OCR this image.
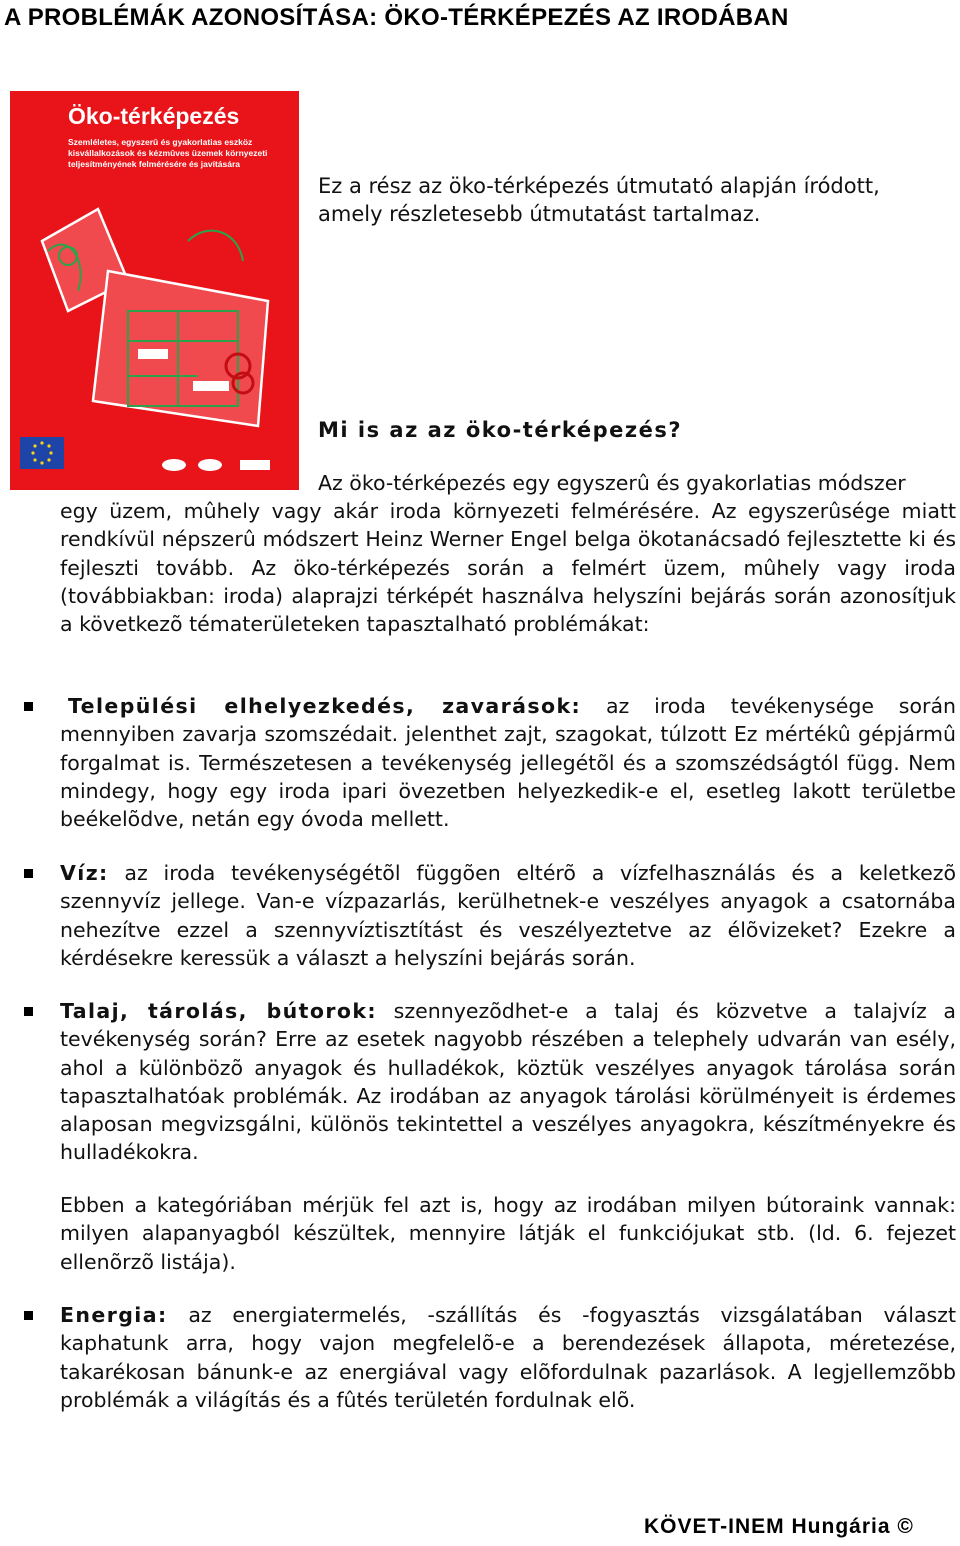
A PROBLÉMÁK AZONOSÍTÁSA: ÖKO-TÉRKÉPEZÉS AZ IRODÁBAN
Öko-térképezés
Szemléletes, egyszerû és gyakorlatias eszköz kisvállalkozások és kézmûves üzemek környezeti teljesítményének felmérésére és javítására
Ez a rész az öko-térképezés útmutató alapján íródott, amely részletesebb útmutatást tartalmaz.
Mi is az az öko-térképezés?
Az öko-térképezés egy egyszerû és gyakorlatias módszer
egy üzem, mûhely vagy akár iroda környezeti felmérésére. Az egyszerûsége miatt rendkívül népszerû módszert Heinz Werner Engel belga ökotanácsadó fejlesztette ki és fejleszti tovább. Az öko-térképezés során a felmért üzem, mûhely vagy iroda (továbbiakban: iroda) alaprajzi térképét használva helyszíni bejárás során azonosítjuk a következõ tématerületeken tapasztalható problémákat:
Települési elhelyezkedés, zavarások: az iroda tevékenysége során mennyiben zavarja szomszédait. jelenthet zajt, szagokat, túlzott Ez mértékû gépjármû forgalmat is. Természetesen a tevékenység jellegétõl és a szomszédságtól függ. Nem mindegy, hogy egy iroda ipari övezetben helyezkedik-e el, esetleg lakott területbe beékelõdve, netán egy óvoda mellett.
Víz: az iroda tevékenységétõl függõen eltérõ a vízfelhasználás és a keletkezõ szennyvíz jellege. Van-e vízpazarlás, kerülhetnek-e veszélyes anyagok a csatornába nehezítve ezzel a szennyvíztisztítást és veszélyeztetve az élõvizeket? Ezekre a kérdésekre keressük a választ a helyszíni bejárás során.
Talaj, tárolás, bútorok: szennyezõdhet-e a talaj és közvetve a talajvíz a tevékenység során? Erre az esetek nagyobb részében a telephely udvarán van esély, ahol a különbözõ anyagok és hulladékok, köztük veszélyes anyagok tárolása során tapasztalhatóak problémák. Az irodában az anyagok tárolási körülményeit is érdemes alaposan megvizsgálni, különös tekintettel a veszélyes anyagokra, készítményekre és hulladékokra.
Ebben a kategóriában mérjük fel azt is, hogy az irodában milyen bútoraink vannak: milyen alapanyagból készültek, mennyire látják el funkciójukat stb. (ld. 6. fejezet ellenõrzõ listája).
Energia: az energiatermelés, -szállítás és -fogyasztás vizsgálatában választ kaphatunk arra, hogy vajon megfelelõ-e a berendezések állapota, méretezése, takarékosan bánunk-e az energiával vagy elõfordulnak pazarlások. A legjellemzõbb problémák a világítás és a fûtés területén fordulnak elõ.
KÖVET-INEM Hungária ©
